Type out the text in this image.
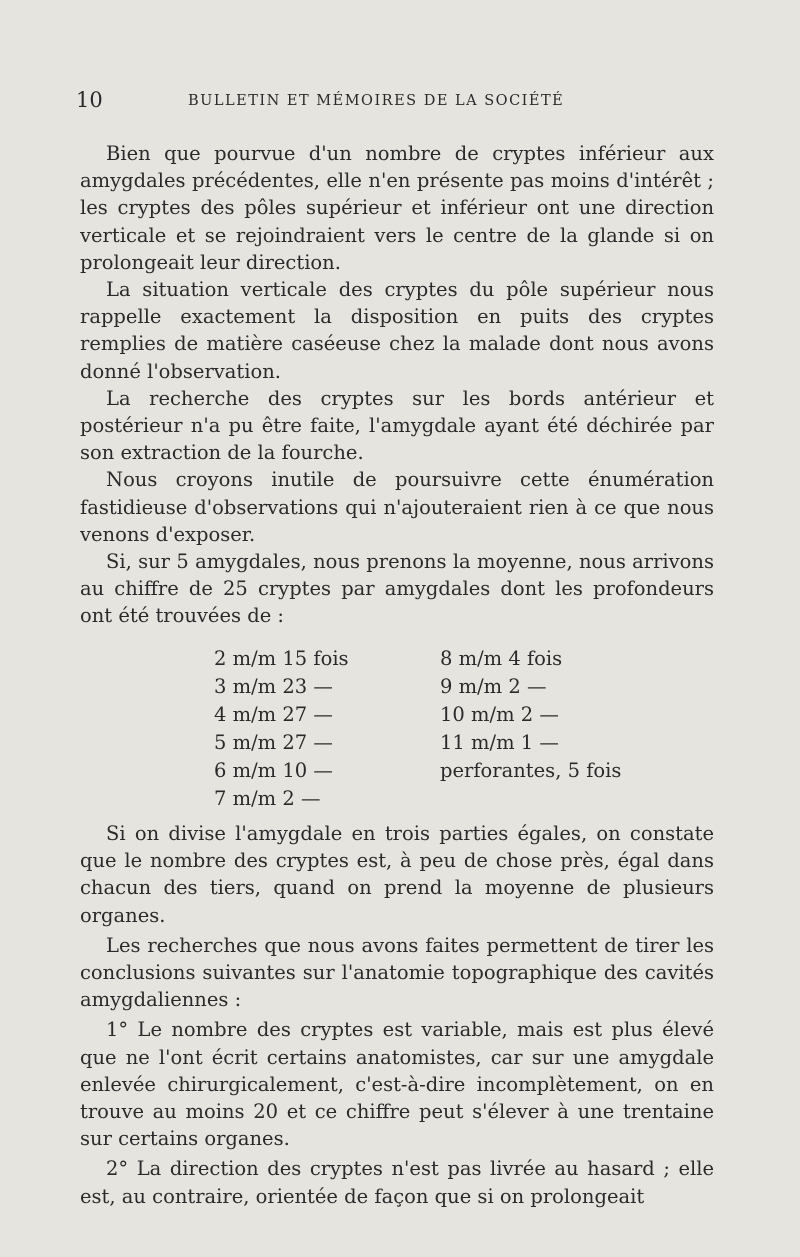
10	BULLETIN ET MÉMOIRES DE LA SOCIÉTÉ

Bien que pourvue d'un nombre de cryptes inférieur aux amygdales précédentes, elle n'en présente pas moins d'intérêt ; les cryptes des pôles supérieur et inférieur ont une direction verticale et se rejoindraient vers le centre de la glande si on prolongeait leur direction.

La situation verticale des cryptes du pôle supérieur nous rappelle exactement la disposition en puits des cryptes remplies de matière caséeuse chez la malade dont nous avons donné l'observation.

La recherche des cryptes sur les bords antérieur et postérieur n'a pu être faite, l'amygdale ayant été déchirée par son extraction de la fourche.

Nous croyons inutile de poursuivre cette énumération fastidieuse d'observations qui n'ajouteraient rien à ce que nous venons d'exposer.

Si, sur 5 amygdales, nous prenons la moyenne, nous arrivons au chiffre de 25 cryptes par amygdales dont les profondeurs ont été trouvées de :

2 m/m 15 fois
3 m/m 23 —
4 m/m 27 —
5 m/m 27 —
6 m/m 10 —
7 m/m 2 —
8 m/m 4 fois
9 m/m 2 —
10 m/m 2 —
11 m/m 1 —
perforantes, 5 fois

Si on divise l'amygdale en trois parties égales, on constate que le nombre des cryptes est, à peu de chose près, égal dans chacun des tiers, quand on prend la moyenne de plusieurs organes.

Les recherches que nous avons faites permettent de tirer les conclusions suivantes sur l'anatomie topographique des cavités amygdaliennes :

1° Le nombre des cryptes est variable, mais est plus élevé que ne l'ont écrit certains anatomistes, car sur une amygdale enlevée chirurgicalement, c'est-à-dire incomplètement, on en trouve au moins 20 et ce chiffre peut s'élever à une trentaine sur certains organes.

2° La direction des cryptes n'est pas livrée au hasard ; elle est, au contraire, orientée de façon que si on prolongeait
